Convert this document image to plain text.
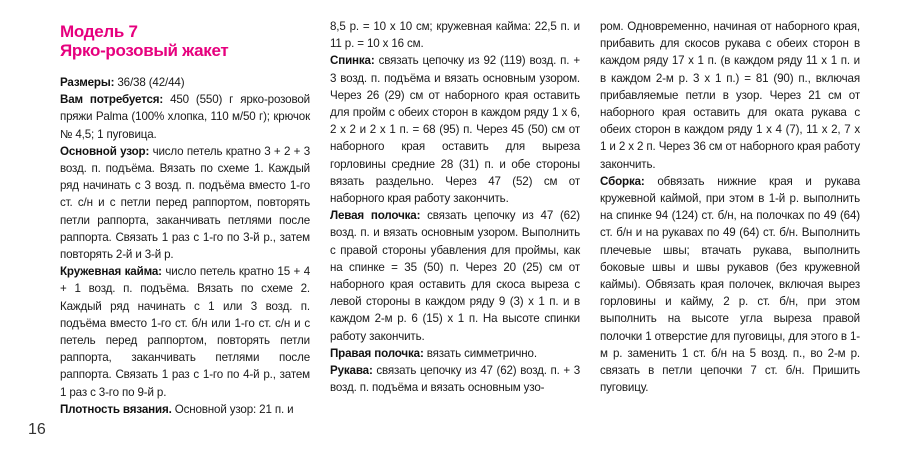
Модель 7
Ярко-розовый жакет

Размеры: 36/38 (42/44)

Вам потребуется: 450 (550) г ярко-розовой пряжи Palma (100% хлопка, 110 м/50 г); крючок № 4,5; 1 пуговица.

Основной узор: число петель кратно 3 + 2 + 3 возд. п. подъёма. Вязать по схеме 1. Каждый ряд начинать с 3 возд. п. подъёма вместо 1-го ст. с/н и с петли перед раппортом, повторять петли раппорта, заканчивать петлями после раппорта. Связать 1 раз с 1-го по 3-й р., затем повторять 2-й и 3-й р.

Кружевная кайма: число петель кратно 15 + 4 + 1 возд. п. подъёма. Вязать по схеме 2. Каждый ряд начинать с 1 или 3 возд. п. подъёма вместо 1-го ст. б/н или 1-го ст. с/н и с петель перед раппортом, повторять петли раппорта, заканчивать петлями после раппорта. Связать 1 раз с 1-го по 4-й р., затем 1 раз с 3-го по 9-й р.

Плотность вязания. Основной узор: 21 п. и

8,5 р. = 10 х 10 см; кружевная кайма: 22,5 п. и 11 р. = 10 х 16 см.

Спинка: связать цепочку из 92 (119) возд. п. + 3 возд. п. подъёма и вязать основным узором. Через 26 (29) см от наборного края оставить для пройм с обеих сторон в каждом ряду 1 х 6, 2 х 2 и 2 х 1 п. = 68 (95) п. Через 45 (50) см от наборного края оставить для выреза горловины средние 28 (31) п. и обе стороны вязать раздельно. Через 47 (52) см от наборного края работу закончить.

Левая полочка: связать цепочку из 47 (62) возд. п. и вязать основным узором. Выполнить с правой стороны убавления для проймы, как на спинке = 35 (50) п. Через 20 (25) см от наборного края оставить для скоса выреза с левой стороны в каждом ряду 9 (3) х 1 п. и в каждом 2-м р. 6 (15) х 1 п. На высоте спинки работу закончить.

Правая полочка: вязать симметрично.

Рукава: связать цепочку из 47 (62) возд. п. + 3 возд. п. подъёма и вязать основным узо-

ром. Одновременно, начиная от наборного края, прибавить для скосов рукава с обеих сторон в каждом ряду 17 х 1 п. (в каждом ряду 11 х 1 п. и в каждом 2-м р. 3 х 1 п.) = 81 (90) п., включая прибавляемые петли в узор. Через 21 см от наборного края оставить для оката рукава с обеих сторон в каждом ряду 1 х 4 (7), 11 х 2, 7 х 1 и 2 х 2 п. Через 36 см от наборного края работу закончить.

Сборка: обвязать нижние края и рукава кружевной каймой, при этом в 1-й р. выполнить на спинке 94 (124) ст. б/н, на полочках по 49 (64) ст. б/н и на рукавах по 49 (64) ст. б/н. Выполнить плечевые швы; втачать рукава, выполнить боковые швы и швы рукавов (без кружевной каймы). Обвязать края полочек, включая вырез горловины и кайму, 2 р. ст. б/н, при этом выполнить на высоте угла выреза правой полочки 1 отверстие для пуговицы, для этого в 1-м р. заменить 1 ст. б/н на 5 возд. п., во 2-м р. связать в петли цепочки 7 ст. б/н. Пришить пуговицу.

16
